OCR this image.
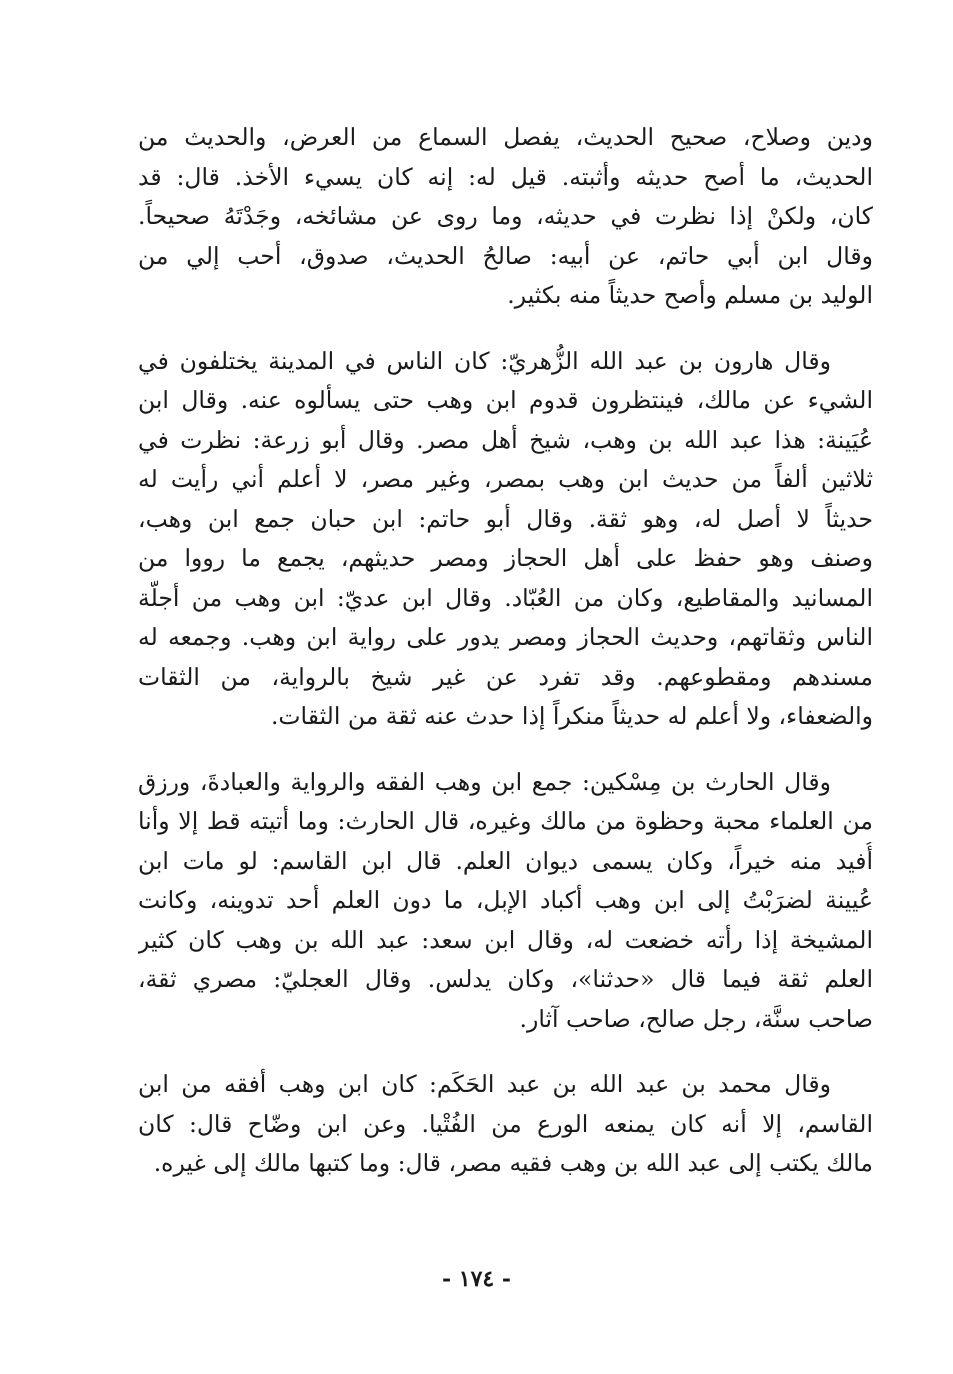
ودين وصلاح، صحيح الحديث، يفصل السماع من العرض، والحديث من
الحديث، ما أصح حديثه وأثبته. قيل له: إنه كان يسيء الأخذ. قال: قد
كان، ولكنْ إذا نظرت في حديثه، وما روى عن مشائخه، وجَدْتَهُ صحيحاً.
وقال ابن أبي حاتم، عن أبيه: صالحُ الحديث، صدوق، أحب إلي من
الوليد بن مسلم وأصح حديثاً منه بكثير.
وقال هارون بن عبد الله الزُّهريّ: كان الناس في المدينة يختلفون في
الشيء عن مالك، فينتظرون قدوم ابن وهب حتى يسألوه عنه. وقال ابن
عُيَينة: هذا عبد الله بن وهب، شيخ أهل مصر. وقال أبو زرعة: نظرت في
ثلاثين ألفاً من حديث ابن وهب بمصر، وغير مصر، لا أعلم أني رأيت له
حديثاً لا أصل له، وهو ثقة. وقال أبو حاتم: ابن حبان جمع ابن وهب،
وصنف وهو حفظ على أهل الحجاز ومصر حديثهم، يجمع ما رووا من
المسانيد والمقاطيع، وكان من العُبّاد. وقال ابن عديّ: ابن وهب من أجلّة
الناس وثقاتهم، وحديث الحجاز ومصر يدور على رواية ابن وهب. وجمعه له
مسندهم ومقطوعهم. وقد تفرد عن غير شيخ بالرواية، من الثقات
والضعفاء، ولا أعلم له حديثاً منكراً إذا حدث عنه ثقة من الثقات.
وقال الحارث بن مِسْكين: جمع ابن وهب الفقه والرواية والعبادةَ، ورزق
من العلماء محبة وحظوة من مالك وغيره، قال الحارث: وما أتيته قط إلا وأنا
أُفيد منه خيراً، وكان يسمى ديوان العلم. قال ابن القاسم: لو مات ابن
عُيينة لضرَبْتُ إلى ابن وهب أكباد الإبل، ما دون العلم أحد تدوينه، وكانت
المشيخة إذا رأته خضعت له، وقال ابن سعد: عبد الله بن وهب كان كثير
العلم ثقة فيما قال «حدثنا»، وكان يدلس. وقال العجليّ: مصري ثقة،
صاحب سنَّة، رجل صالح، صاحب آثار.
وقال محمد بن عبد الله بن عبد الحَكَم: كان ابن وهب أفقه من ابن
القاسم، إلا أنه كان يمنعه الورع من الفُتْيا. وعن ابن وضّاح قال: كان
مالك يكتب إلى عبد الله بن وهب فقيه مصر، قال: وما كتبها مالك إلى غيره.
- ١٧٤ -
